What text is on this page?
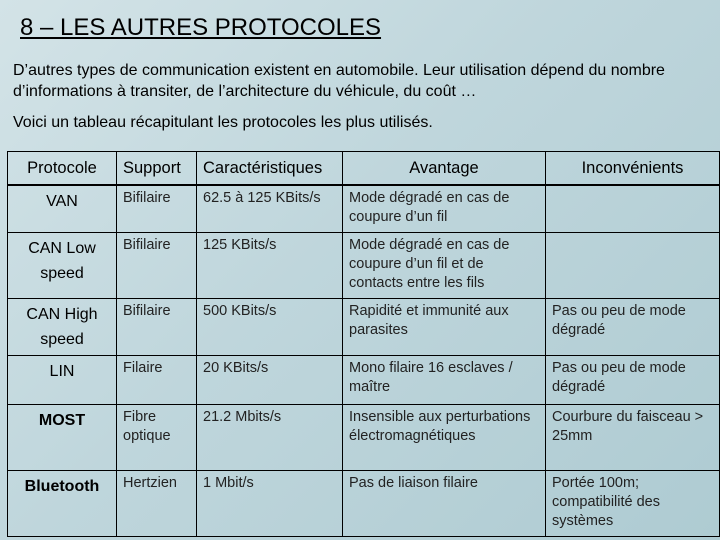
8 – LES AUTRES PROTOCOLES
D’autres types de communication existent en automobile. Leur utilisation dépend du nombre d’informations à transiter, de l’architecture du véhicule, du coût …
Voici un tableau récapitulant les protocoles les plus utilisés.
Protocole	Support	Caractéristiques	Avantage	Inconvénients
VAN	Bifilaire	62.5 à 125 KBits/s	Mode dégradé en cas de coupure d’un fil	
CAN Low speed	Bifilaire	125 KBits/s	Mode dégradé en cas de coupure d’un fil et de contacts entre les fils	
CAN High speed	Bifilaire	500 KBits/s	Rapidité et immunité aux parasites	Pas ou peu de mode dégradé
LIN	Filaire	20 KBits/s	Mono filaire 16 esclaves / maître	Pas ou peu de mode dégradé
MOST	Fibre optique	21.2 Mbits/s	Insensible aux perturbations électromagnétiques	Courbure du faisceau > 25mm
Bluetooth	Hertzien	1 Mbit/s	Pas de liaison filaire	Portée 100m; compatibilité des systèmes
